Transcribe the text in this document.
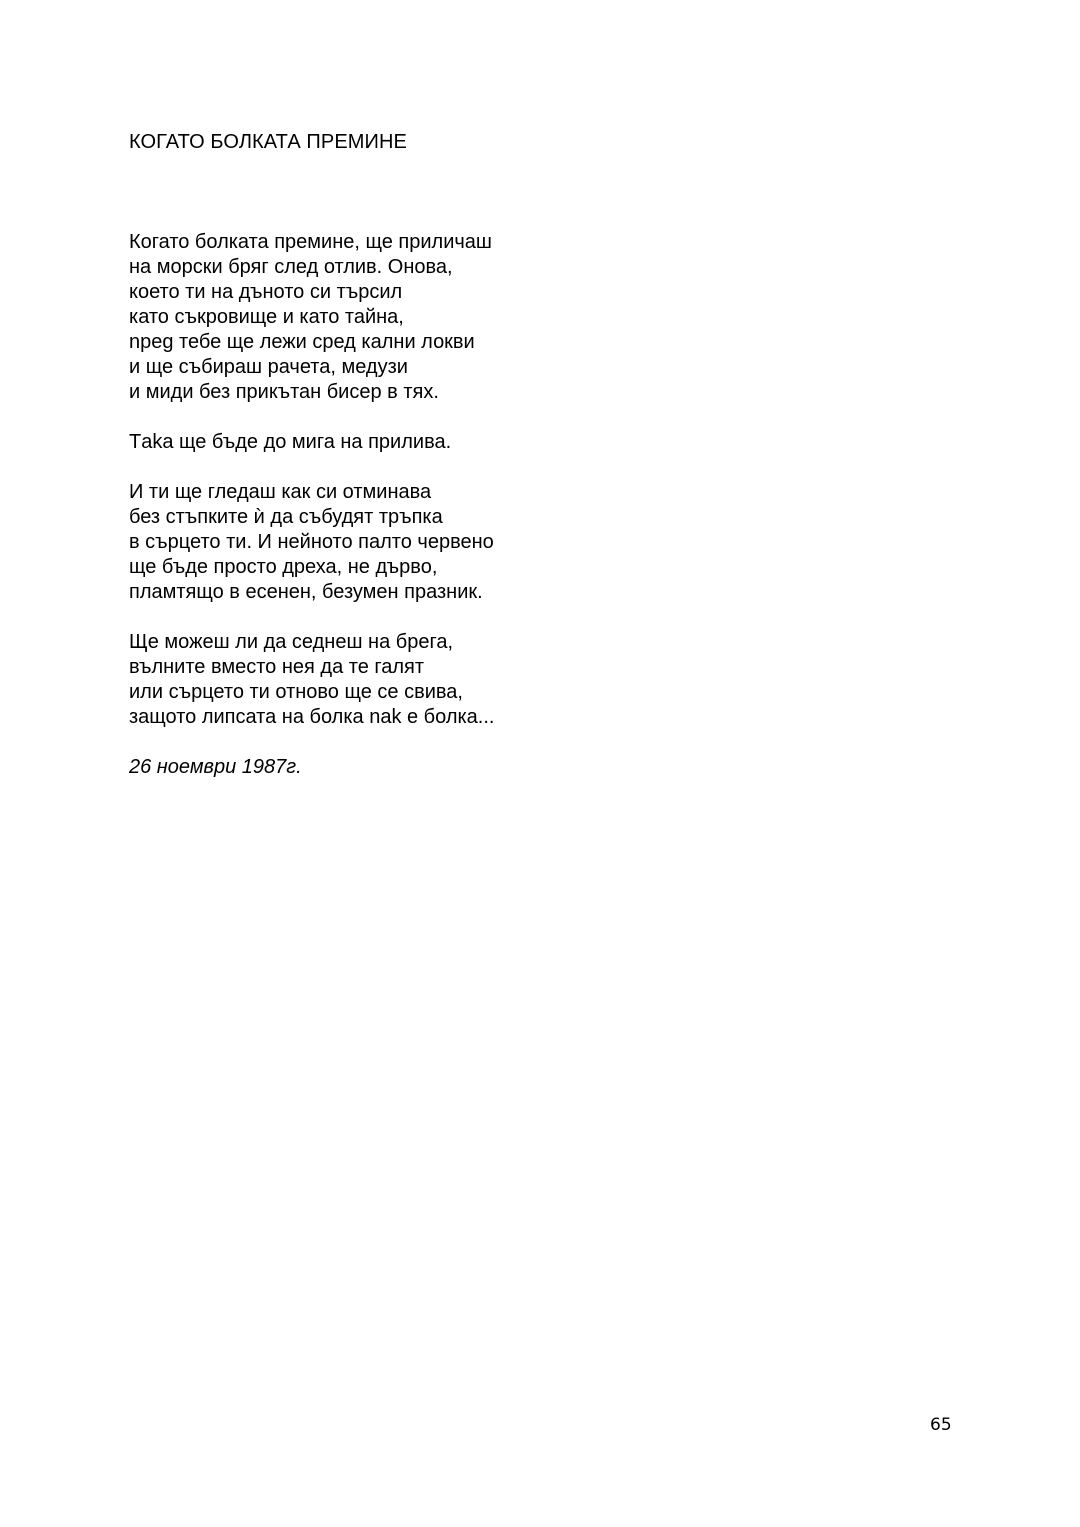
КОГАТО БОЛКАТА ПРЕМИНЕ
Когато болката премине, ще приличаш
на морски бряг след отлив. Онова,
което ти на дъното си търсил
като съкровище и като тайна,
nреg тебе ще лежи сред кални локви
и ще събираш рачета, медузи
и миди без прикътан бисер в тях.
Тaka ще бъде до мига на прилива.
И ти ще гледаш как си отминава
без стъпките ѝ да събудят тръпка
в сърцето ти. И нейното палто червено
ще бъде просто дреха, не дърво,
пламтящо в есенен, безумен празник.
Ще можеш ли да седнеш на брега,
вълните вместо нея да те галят
или сърцето ти отново ще се свива,
защото липсата на болка nak е болка...
26 ноември 1987г.
65
